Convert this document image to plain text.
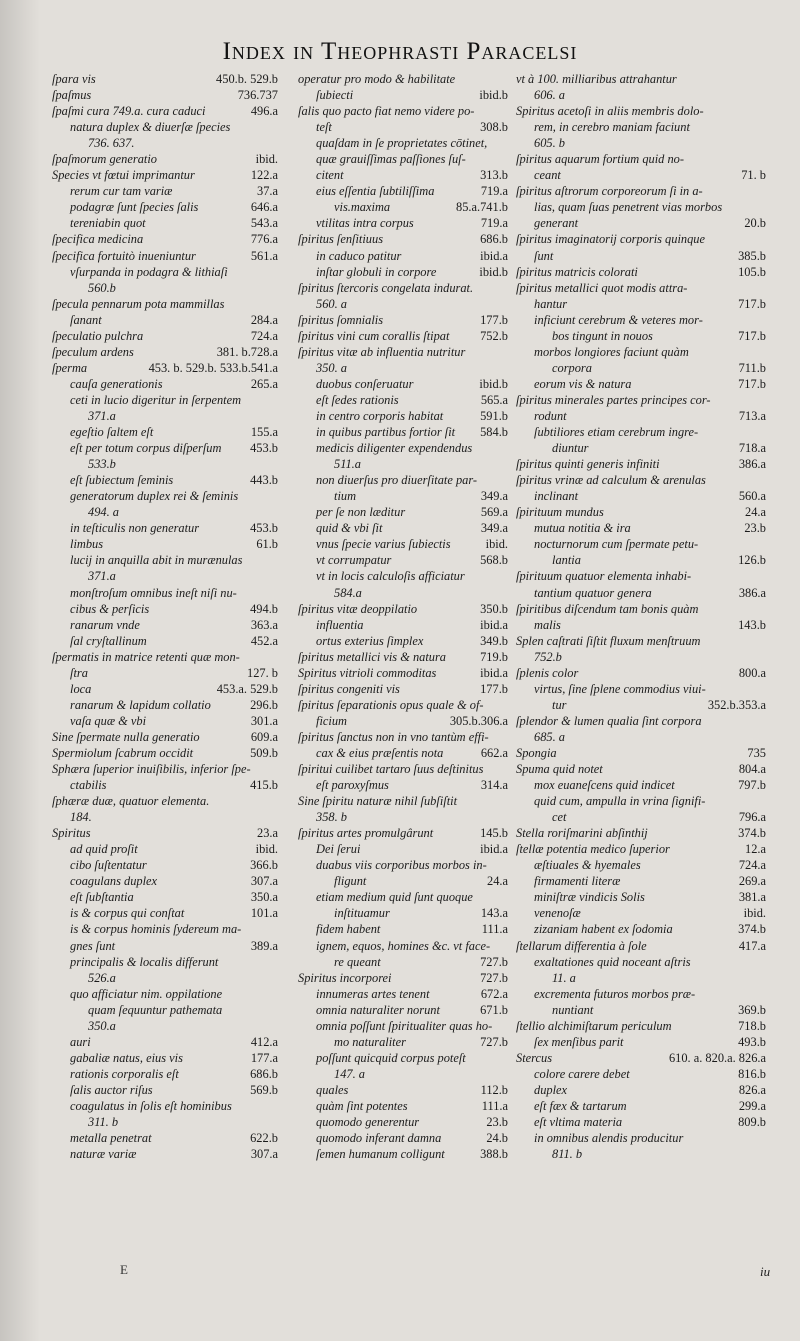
Index in Theophrasti Paracelsi
ſpara vis	450.b. 529.b
ſpaſmus	736.737
ſpaſmi cura 749.a. cura caduci	496.a
natura duplex & diuerſæ ſpecies
736. 637.
ſpaſmorum generatio	ibid.
Species vt fœtui imprimantur	122.a
rerum cur tam variæ	37.a
podagræ ſunt ſpecies ſalis	646.a
tereniabin quot	543.a
ſpecifica medicina	776.a
ſpecifica fortuitò inueniuntur	561.a
vſurpanda in podagra & lithiaſi
560.b
ſpecula pennarum pota mammillas
ſanant	284.a
ſpeculatio pulchra	724.a
ſpeculum ardens	381. b.728.a
ſperma	453. b. 529.b. 533.b.541.a
cauſa generationis	265.a
ceti in lucio digeritur in ſerpentem
371.a
egeſtio ſaltem eſt	155.a
eſt per totum corpus diſperſum 453.b
533.b
eſt ſubiectum ſeminis	443.b
generatorum duplex rei & ſeminis
494. a
in teſticulis non generatur	453.b
limbus	61.b
lucij in anquilla abit in murænulas
371.a
monſtroſum omnibus ineſt niſi nu-
cibus & perſicis	494.b
ranarum vnde	363.a
ſal cryſtallinum	452.a
ſpermatis in matrice retenti quæ mon-
ſtra	127. b
loca	453.a. 529.b
ranarum & lapidum collatio	296.b
vaſa quæ & vbi	301.a
Sine ſpermate nulla generatio	609.a
Spermiolum ſcabrum occidit	509.b
Sphæra ſuperior inuiſibilis, inferior ſpe-
ctabilis	415.b
ſphæræ duæ, quatuor elementa.
184.
Spiritus	23.a
ad quid proſit	ibid.
cibo ſuſtentatur	366.b
coagulans duplex	307.a
eſt ſubſtantia	350.a
is & corpus qui conſtat	101.a
is & corpus hominis ſydereum ma-
gnes ſunt	389.a
principalis & localis differunt
526.a
quo afficiatur nim. oppilatione
quam ſequuntur pathemata
350.a
auri	412.a
gabaliæ natus, eius vis	177.a
rationis corporalis eſt	686.b
ſalis auctor riſus	569.b
coagulatus in ſolis eſt hominibus
311. b
metalla penetrat	622.b
naturæ variæ	307.a
operatur pro modo & habilitate
ſubiecti	ibid.b
ſalis quo pacto fiat nemo videre po-
teſt	308.b
quaſdam in ſe proprietates cōtinet,
quæ grauiſſimas paſſiones ſuſ-
citent	313.b
eius eſſentia ſubtiliſſima	719.a
vis.maxima	85.a.741.b
vtilitas intra corpus	719.a
ſpiritus ſenſitiuus	686.b
in caduco patitur	ibid.a
inſtar globuli in corpore	ibid.b
ſpiritus ſtercoris congelata indurat.
560. a
ſpiritus ſomnialis	177.b
ſpiritus vini cum corallis ſtipat 752.b
ſpiritus vitæ ab influentia nutritur
350. a
duobus conſeruatur	ibid.b
eſt ſedes rationis	565.a
in centro corporis habitat	591.b
in quibus partibus fortior ſit 584.b
medicis diligenter expendendus
511.a
non diuerſus pro diuerſitate par-
tium	349.a
per ſe non læditur	569.a
quid & vbi ſit	349.a
vnus ſpecie varius ſubiectis	ibid.
vt corrumpatur	568.b
vt in locis calculoſis afficiatur
584.a
ſpiritus vitæ deoppilatio	350.b
influentia	ibid.a
ortus exterius ſimplex	349.b
ſpiritus metallici vis & natura	719.b
Spiritus vitrioli commoditas	ibid.a
ſpiritus congeniti vis	177.b
ſpiritus ſeparationis opus quale & of-
ficium	305.b.306.a
ſpiritus ſanctus non in vno tantùm effi-
cax & eius præſentis nota	662.a
ſpiritui cuilibet tartaro ſuus deſtinitus
eſt paroxyſmus	314.a
Sine ſpiritu naturæ nihil ſubſiſtit
358. b
ſpiritus artes promulgârunt	145.b
Dei ſerui	ibid.a
duabus viis corporibus morbos in-
fligunt	24.a
etiam medium quid ſunt quoque
inſtituamur	143.a
fidem habent	111.a
ignem, equos, homines &c. vt face-
re queant	727.b
Spiritus incorporei	727.b
innumeras artes tenent	672.a
omnia naturaliter norunt	671.b
omnia poſſunt ſpiritualiter quas ho-
mo naturaliter	727.b
poſſunt quicquid corpus poteſt
147. a
quales	112.b
quàm ſint potentes	111.a
quomodo generentur	23.b
quomodo inferant damna	24.b
ſemen humanum colligunt	388.b
vt à 100. milliaribus attrahantur
606. a
Spiritus acetoſi in aliis membris dolo-
rem, in cerebro maniam faciunt
605. b
ſpiritus aquarum fortium quid no-
ceant	71. b
ſpiritus aſtrorum corporeorum ſi in a-
lias, quam ſuas penetrent vias morbos
generant	20.b
ſpiritus imaginatorij corporis quinque
ſunt	385.b
ſpiritus matricis colorati	105.b
ſpiritus metallici quot modis attra-
hantur	717.b
inficiunt cerebrum & veteres mor-
bos tingunt in nouos	717.b
morbos longiores faciunt quàm
corpora	711.b
eorum vis & natura	717.b
ſpiritus minerales partes principes cor-
rodunt	713.a
ſubtiliores etiam cerebrum ingre-
diuntur	718.a
ſpiritus quinti generis infiniti	386.a
ſpiritus vrinæ ad calculum & arenulas
inclinant	560.a
ſpirituum mundus	24.a
mutua notitia & ira	23.b
nocturnorum cum ſpermate petu-
lantia	126.b
ſpirituum quatuor elementa inhabi-
tantium quatuor genera	386.a
ſpiritibus diſcendum tam bonis quàm
malis	143.b
Splen caſtrati ſiſtit fluxum menſtruum
752.b
ſplenis color	800.a
virtus, ſine ſplene commodius viui-
tur	352.b.353.a
ſplendor & lumen qualia ſint corpora
685. a
Spongia	735
Spuma quid notet	804.a
mox euaneſcens quid indicet	797.b
quid cum, ampulla in vrina ſignifi-
cet	796.a
Stella roriſmarini abſinthij	374.b
ſtellæ potentia medico ſuperior	12.a
æſtiuales & hyemales	724.a
firmamenti literæ	269.a
miniſtræ vindicis Solis	381.a
venenoſæ	ibid.
zizaniam habent ex ſodomia	374.b
ſtellarum differentia à ſole	417.a
exaltationes quid noceant aſtris
11. a
excrementa futuros morbos præ-
nuntiant	369.b
ſtellio alchimiſtarum periculum	718.b
ſex menſibus parit	493.b
Stercus	610. a. 820.a. 826.a
colore carere debet	816.b
duplex	826.a
eſt fæx & tartarum	299.a
eſt vltima materia	809.b
in omnibus alendis producitur
811. b
E	iu
